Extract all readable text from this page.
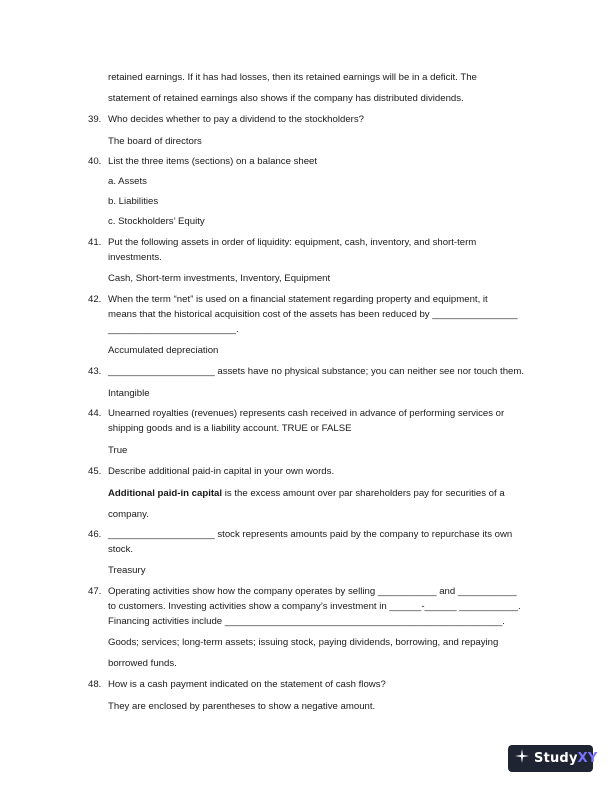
retained earnings. If it has had losses, then its retained earnings will be in a deficit. The
statement of retained earnings also shows if the company has distributed dividends.
39. Who decides whether to pay a dividend to the stockholders?
The board of directors
40. List the three items (sections) on a balance sheet
a. Assets
b. Liabilities
c. Stockholders’ Equity
41. Put the following assets in order of liquidity: equipment, cash, inventory, and short-term
investments.
Cash, Short-term investments, Inventory, Equipment
42. When the term “net” is used on a financial statement regarding property and equipment, it
means that the historical acquisition cost of the assets has been reduced by ________________
________________________.
Accumulated depreciation
43. ____________________ assets have no physical substance; you can neither see nor touch them.
Intangible
44. Unearned royalties (revenues) represents cash received in advance of performing services or
shipping goods and is a liability account. TRUE or FALSE
True
45. Describe additional paid-in capital in your own words.
Additional paid-in capital is the excess amount over par shareholders pay for securities of a
company.
46. ____________________ stock represents amounts paid by the company to repurchase its own
stock.
Treasury
47. Operating activities show how the company operates by selling ___________ and ___________
to customers. Investing activities show a company’s investment in ______-______ ___________.
Financing activities include ____________________________________________________.
Goods; services; long-term assets; issuing stock, paying dividends, borrowing, and repaying
borrowed funds.
48. How is a cash payment indicated on the statement of cash flows?
They are enclosed by parentheses to show a negative amount.
StudyXY
